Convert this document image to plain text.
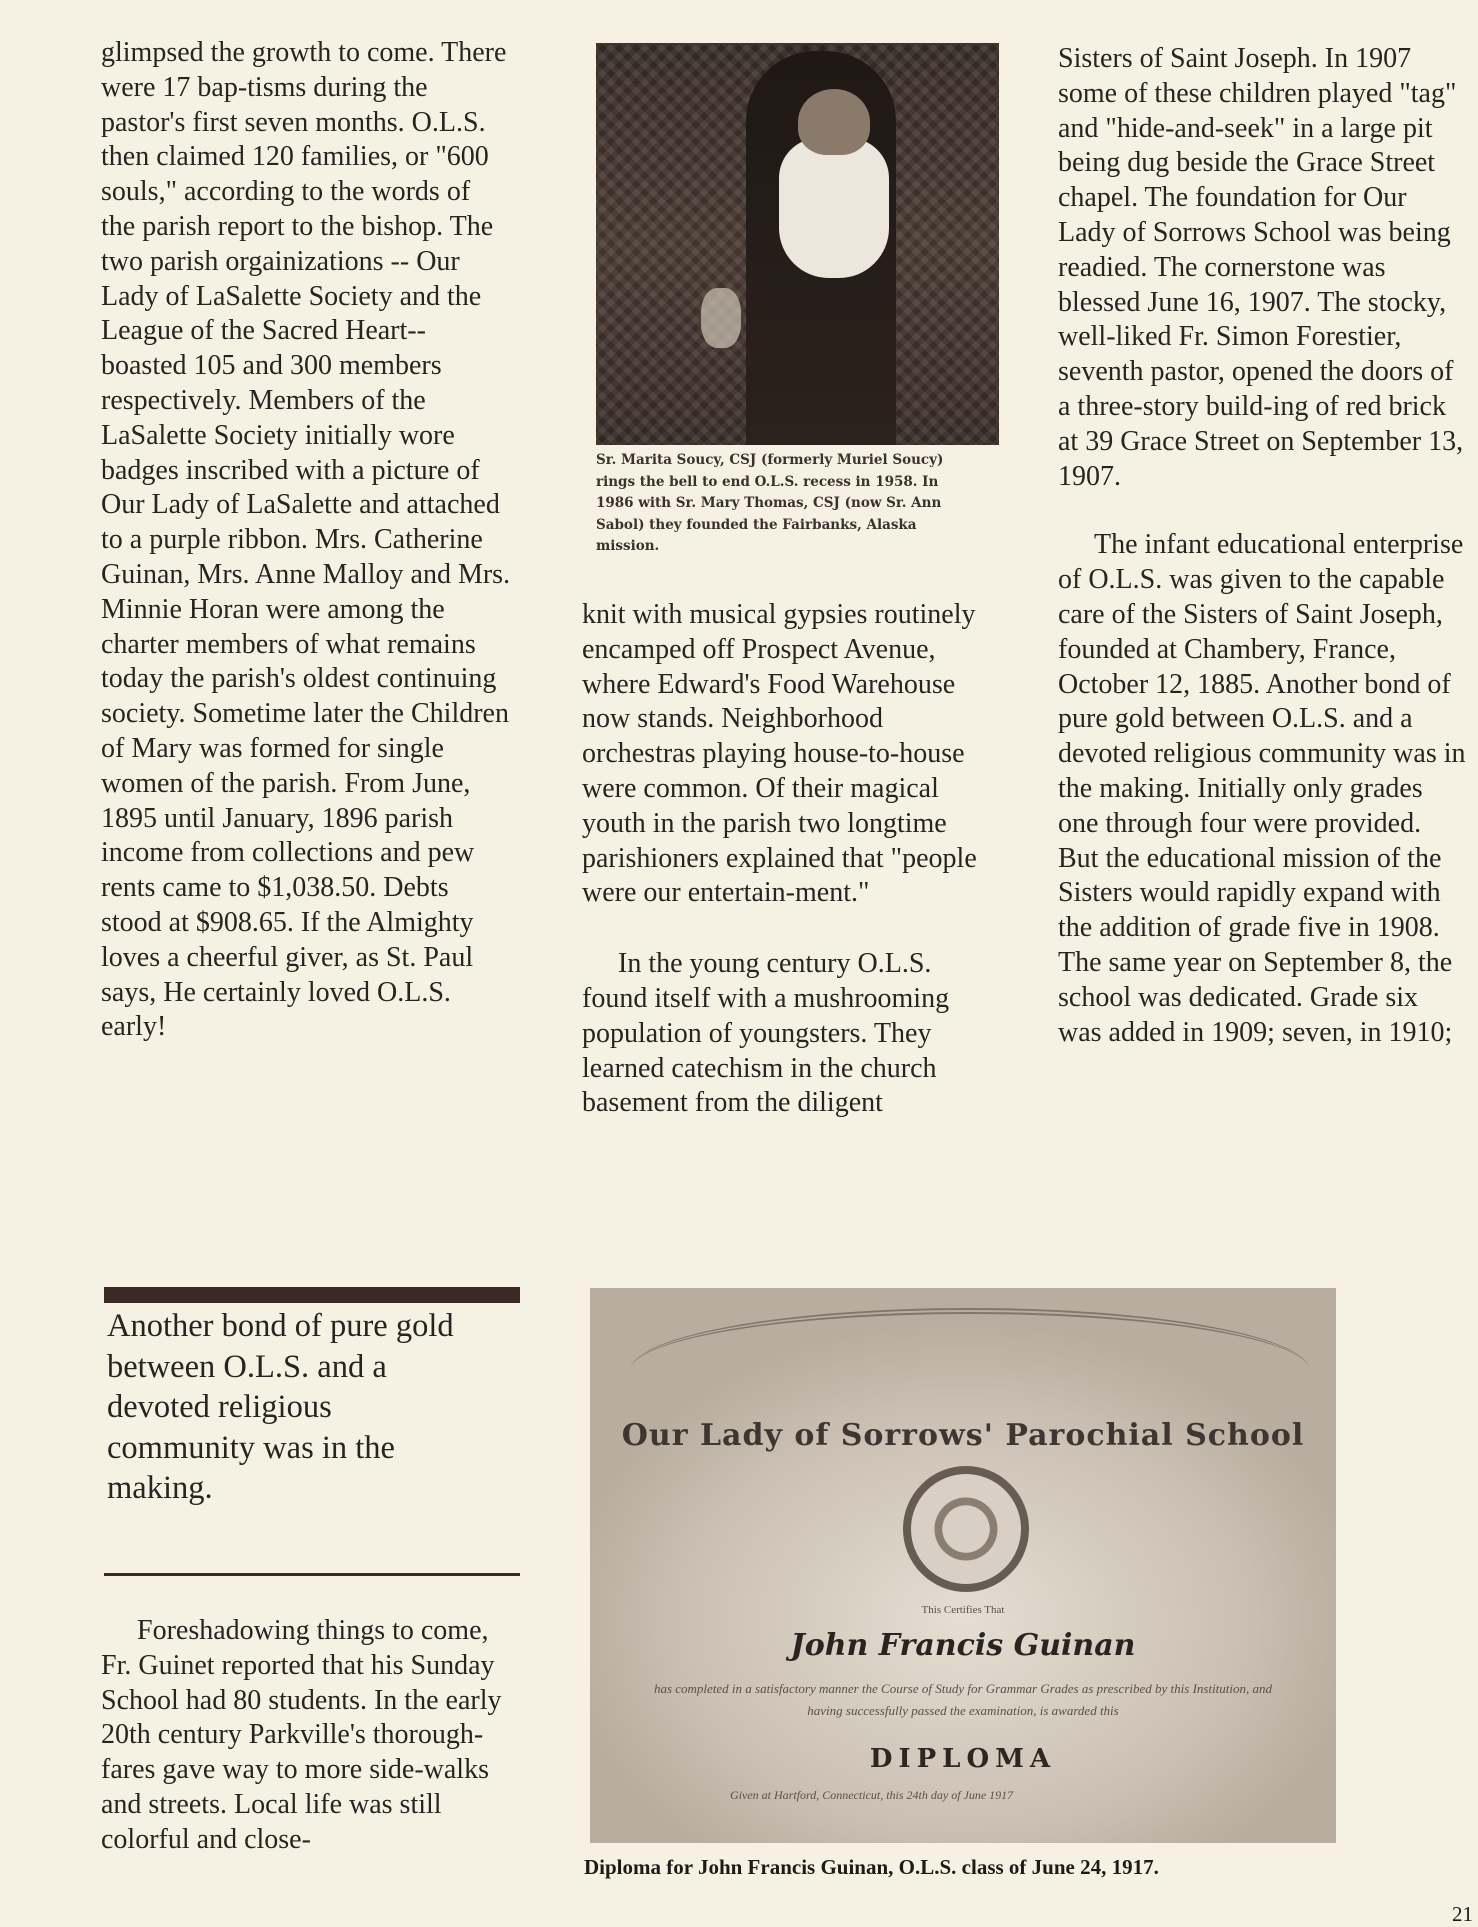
glimpsed the growth to come. There were 17 bap-tisms during the pastor's first seven months. O.L.S. then claimed 120 families, or "600 souls," according to the words of the parish report to the bishop. The two parish orgainizations -- Our Lady of LaSalette Society and the League of the Sacred Heart-- boasted 105 and 300 members respectively. Members of the LaSalette Society initially wore badges inscribed with a picture of Our Lady of LaSalette and attached to a purple ribbon. Mrs. Catherine Guinan, Mrs. Anne Malloy and Mrs. Minnie Horan were among the charter members of what remains today the parish's oldest continuing society. Sometime later the Children of Mary was formed for single women of the parish. From June, 1895 until January, 1896 parish income from collections and pew rents came to $1,038.50. Debts stood at $908.65. If the Almighty loves a cheerful giver, as St. Paul says, He certainly loved O.L.S. early!

Foreshadowing things to come, Fr. Guinet reported that his Sunday School had 80 students. In the early 20th century Parkville's thorough-fares gave way to more side-walks and streets. Local life was still colorful and close-

Another bond of pure gold between O.L.S. and a devoted religious community was in the making.
Sr. Marita Soucy, CSJ (formerly Muriel Soucy) rings the bell to end O.L.S. recess in 1958. In 1986 with Sr. Mary Thomas, CSJ (now Sr. Ann Sabol) they founded the Fairbanks, Alaska mission.

knit with musical gypsies routinely encamped off Prospect Avenue, where Edward's Food Warehouse now stands. Neighborhood orchestras playing house-to-house were common. Of their magical youth in the parish two longtime parishioners explained that "people were our entertain-ment."

In the young century O.L.S. found itself with a mushrooming population of youngsters. They learned catechism in the church basement from the diligent

Sisters of Saint Joseph. In 1907 some of these children played "tag" and "hide-and-seek" in a large pit being dug beside the Grace Street chapel. The foundation for Our Lady of Sorrows School was being readied. The cornerstone was blessed June 16, 1907. The stocky, well-liked Fr. Simon Forestier, seventh pastor, opened the doors of a three-story build-ing of red brick at 39 Grace Street on September 13, 1907.

The infant educational enterprise of O.L.S. was given to the capable care of the Sisters of Saint Joseph, founded at Chambery, France, October 12, 1885. Another bond of pure gold between O.L.S. and a devoted religious community was in the making. Initially only grades one through four were provided. But the educational mission of the Sisters would rapidly expand with the addition of grade five in 1908. The same year on September 8, the school was dedicated. Grade six was added in 1909; seven, in 1910;

Our Lady of Sorrows' Parochial School
This Certifies That
John Francis Guinan
has completed in a satisfactory manner the Course of Study for Grammar Grades as prescribed by this Institution, and having successfully passed the examination, is awarded this
DIPLOMA
Given at Hartford, Connecticut, this 24th day of June 1917
Diploma for John Francis Guinan, O.L.S. class of June 24, 1917.
21
